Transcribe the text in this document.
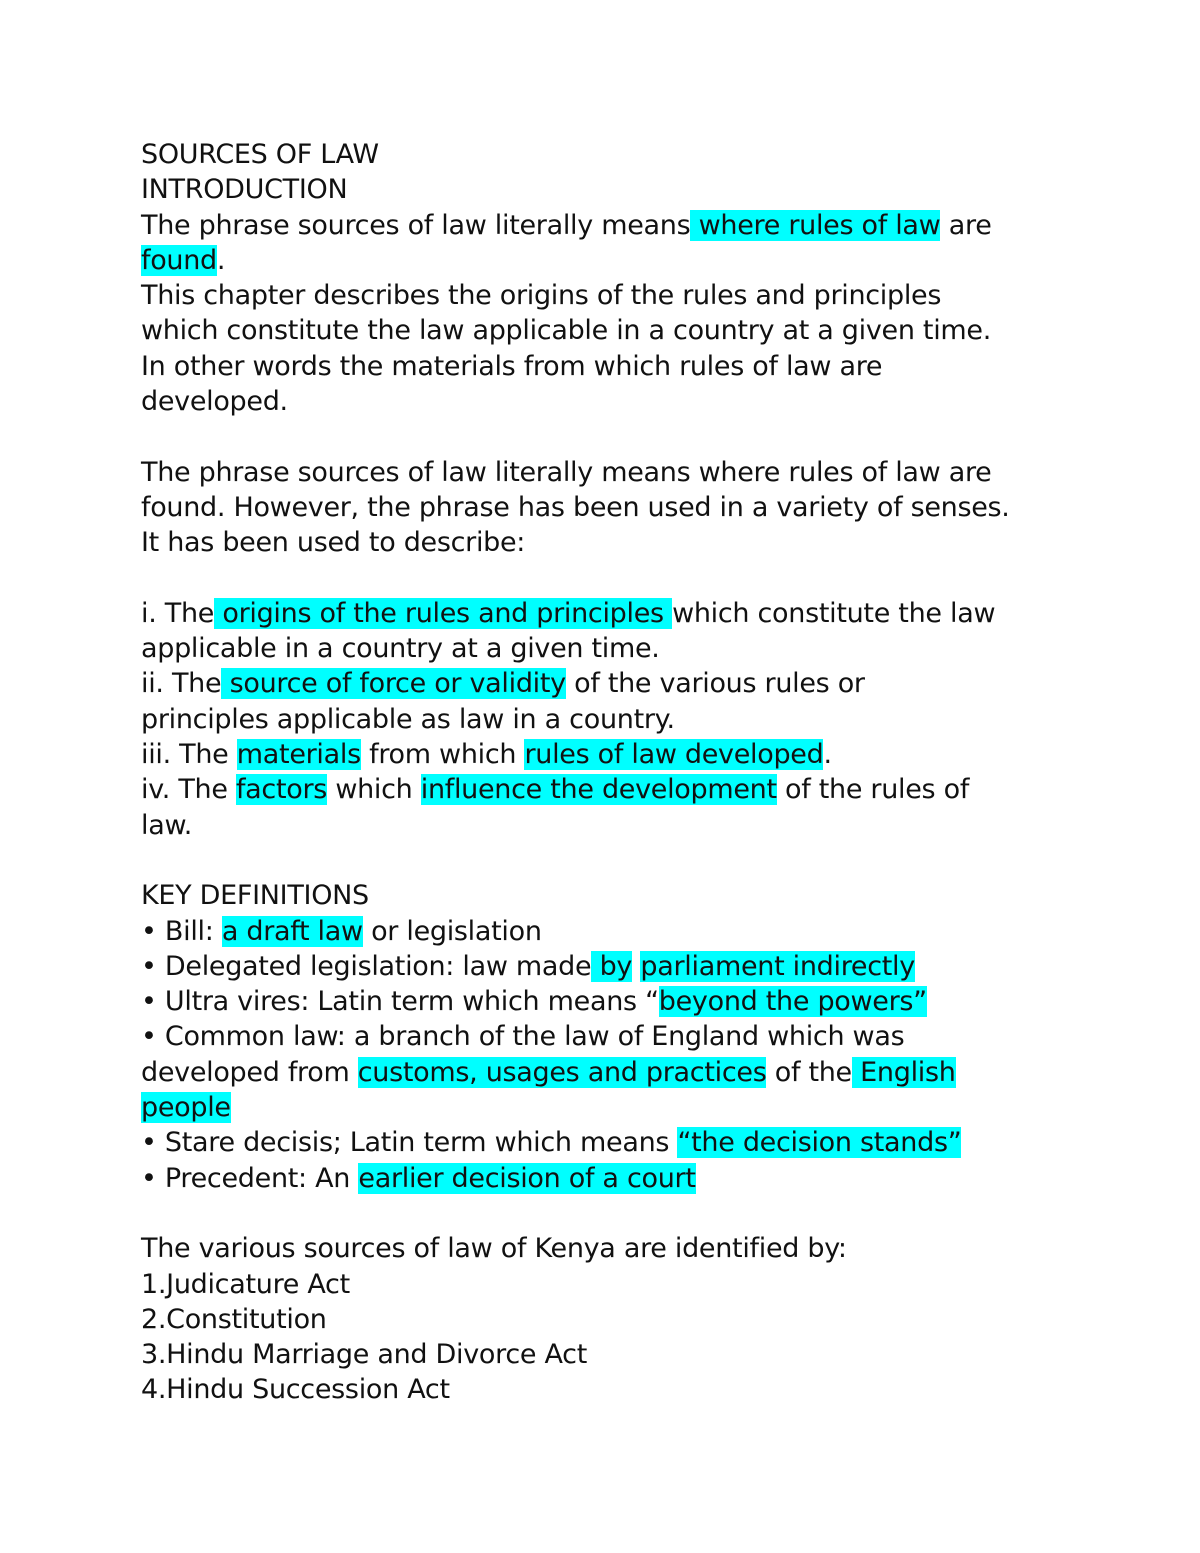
SOURCES OF LAW
INTRODUCTION
The phrase sources of law literally means where rules of law are
found.
This chapter describes the origins of the rules and principles
which constitute the law applicable in a country at a given time.
In other words the materials from which rules of law are
developed.
The phrase sources of law literally means where rules of law are
found. However, the phrase has been used in a variety of senses.
It has been used to describe:
i. The origins of the rules and principles which constitute the law
applicable in a country at a given time.
ii. The source of force or validity of the various rules or
principles applicable as law in a country.
iii. The materials from which rules of law developed.
iv. The factors which influence the development of the rules of
law.
KEY DEFINITIONS
• Bill: a draft law or legislation
• Delegated legislation: law made by parliament indirectly
• Ultra vires: Latin term which means “beyond the powers”
• Common law: a branch of the law of England which was
developed from customs, usages and practices of the English
people
• Stare decisis; Latin term which means “the decision stands”
• Precedent: An earlier decision of a court
The various sources of law of Kenya are identified by:
1.Judicature Act
2.Constitution
3.Hindu Marriage and Divorce Act
4.Hindu Succession Act
